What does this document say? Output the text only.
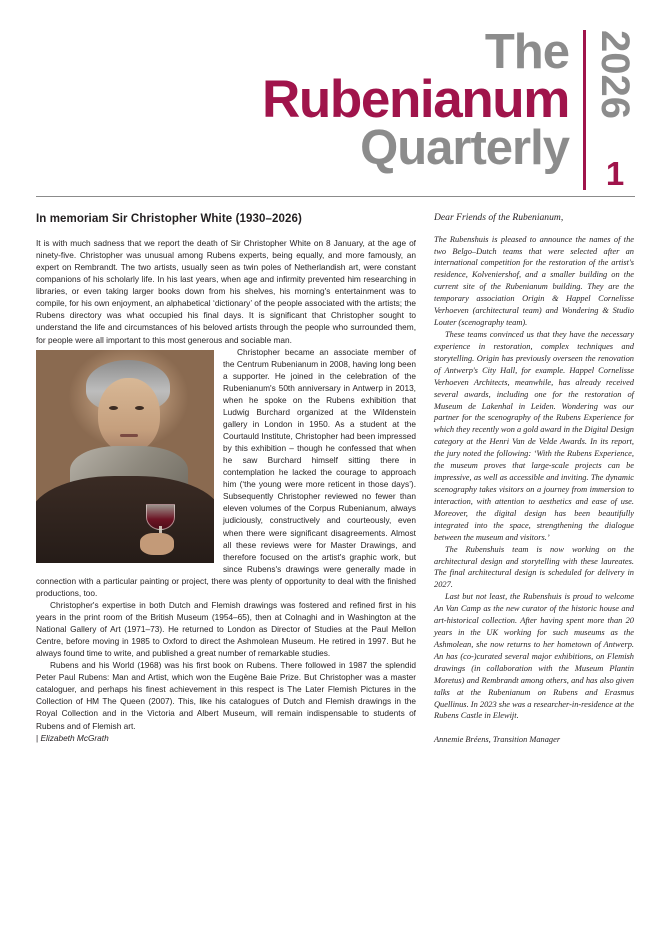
The
Rubenianum
Quarterly
2026
1
In memoriam Sir Christopher White (1930–2026)

It is with much sadness that we report the death of Sir Christopher White on 8 January, at the age of ninety-five. Christopher was unusual among Rubens experts, being equally, and more famously, an expert on Rembrandt. The two artists, usually seen as twin poles of Netherlandish art, were constant companions of his scholarly life. In his last years, when age and infirmity prevented him researching in libraries, or even taking larger books down from his shelves, his morning's entertainment was to compile, for his own enjoyment, an alphabetical ‘dictionary’ of the people associated with the artists; the Rubens directory was what occupied his final days. It is significant that Christopher sought to understand the life and circumstances of his beloved artists through the people who surrounded them, for people were all important to this most generous and sociable man.

Christopher became an associate member of the Centrum Rubenianum in 2008, having long been a supporter. He joined in the celebration of the Rubenianum's 50th anniversary in Antwerp in 2013, when he spoke on the Rubens exhibition that Ludwig Burchard organized at the Wildenstein gallery in London in 1950. As a student at the Courtauld Institute, Christopher had been impressed by this exhibition – though he confessed that when he saw Burchard himself sitting there in contemplation he lacked the courage to approach him (‘the young were more reticent in those days’). Subsequently Christopher reviewed no fewer than eleven volumes of the Corpus Rubenianum, always judiciously, constructively and courteously, even when there were significant disagreements. Almost all these reviews were for Master Drawings, and therefore focused on the artist's graphic work, but since Rubens's drawings were generally made in connection with a particular painting or project, there was plenty of opportunity to deal with the finished productions, too.

Christopher's expertise in both Dutch and Flemish drawings was fostered and refined first in his years in the print room of the British Museum (1954–65), then at Colnaghi and in Washington at the National Gallery of Art (1971–73). He returned to London as Director of Studies at the Paul Mellon Centre, before moving in 1985 to Oxford to direct the Ashmolean Museum. He retired in 1997. But he always found time to write, and published a great number of remarkable studies.

Rubens and his World (1968) was his first book on Rubens. There followed in 1987 the splendid Peter Paul Rubens: Man and Artist, which won the Eugène Baie Prize. But Christopher was a master cataloguer, and perhaps his finest achievement in this respect is The Later Flemish Pictures in the Collection of HM The Queen (2007). This, like his catalogues of Dutch and Flemish drawings in the Royal Collection and in the Victoria and Albert Museum, will remain indispensable to students of Rubens and of Flemish art.

| Elizabeth McGrath

Dear Friends of the Rubenianum,

The Rubenshuis is pleased to announce the names of the two Belgo–Dutch teams that were selected after an international competition for the restoration of the artist's residence, Kolveniershof, and a smaller building on the current site of the Rubenianum building. They are the temporary association Origin & Happel Cornelisse Verhoeven (architectural team) and Wondering & Studio Louter (scenography team).

These teams convinced us that they have the necessary experience in restoration, complex techniques and storytelling. Origin has previously overseen the renovation of Antwerp's City Hall, for example. Happel Cornelisse Verhoeven Architects, meanwhile, has already received several awards, including one for the restoration of Museum de Lakenhal in Leiden. Wondering was our partner for the scenography of the Rubens Experience for which they recently won a gold award in the Digital Design category at the Henri Van de Velde Awards. In its report, the jury noted the following: ‘With the Rubens Experience, the museum proves that large-scale projects can be impressive, as well as accessible and inviting. The dynamic scenography takes visitors on a journey from immersion to interaction, with attention to aesthetics and ease of use. Moreover, the digital design has been beautifully integrated into the space, strengthening the dialogue between the museum and visitors.’

The Rubenshuis team is now working on the architectural design and storytelling with these laureates. The final architectural design is scheduled for delivery in 2027.

Last but not least, the Rubenshuis is proud to welcome An Van Camp as the new curator of the historic house and art-historical collection. After having spent more than 20 years in the UK working for such museums as the Ashmolean, she now returns to her hometown of Antwerp. An has (co-)curated several major exhibitions, on Flemish drawings (in collaboration with the Museum Plantin Moretus) and Rembrandt among others, and has also given talks at the Rubenianum on Rubens and Erasmus Quellinus. In 2023 she was a researcher-in-residence at the Rubens Castle in Elewijt.

Annemie Bréens, Transition Manager
